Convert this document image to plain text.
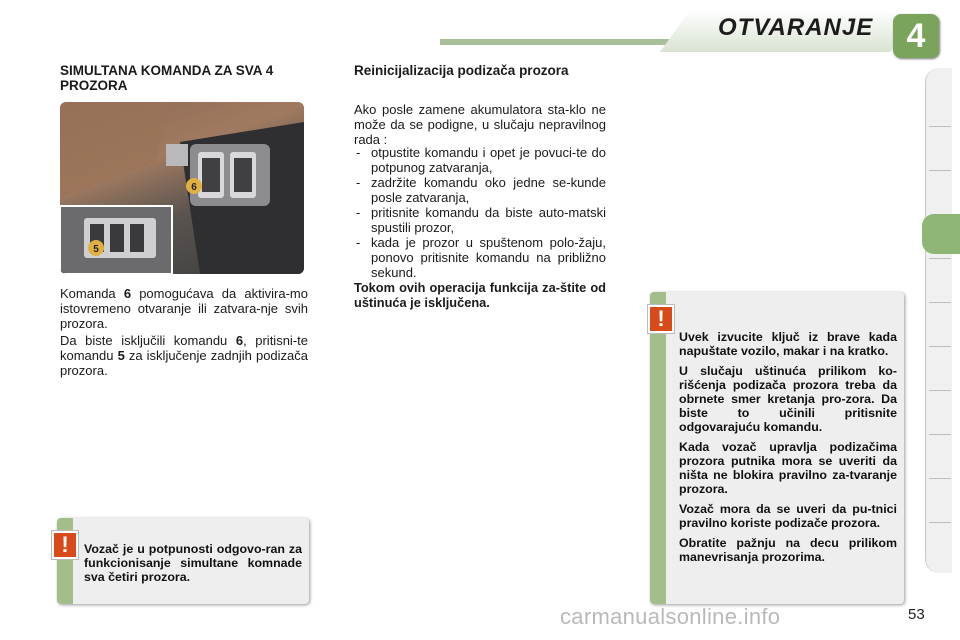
OTVARANJE 4
SIMULTANA KOMANDA ZA SVA 4 PROZORA
6
5
Komanda 6 pomogućava da aktivira-mo istovremeno otvaranje ili zatvara-nje svih prozora.
Da biste isključili komandu 6, pritisni-te komandu 5 za isključenje zadnjih podizača prozora.
Reinicijalizacija podizača prozora
Ako posle zamene akumulatora sta-klo ne može da se podigne, u slučaju nepravilnog rada :
- otpustite komandu i opet je povuci-te do potpunog zatvaranja,
- zadržite komandu oko jedne se-kunde posle zatvaranja,
- pritisnite komandu da biste auto-matski spustili prozor,
- kada je prozor u spuštenom polo-žaju, ponovo pritisnite komandu na približno sekund.
Tokom ovih operacija funkcija za-štite od uštinuća je isključena.
!	Vozač je u potpunosti odgovo-ran za funkcionisanje simultane komnade sva četiri prozora.
!

Uvek izvucite ključ iz brave kada napuštate vozilo, makar i na kratko.

U slučaju uštinuća prilikom ko-rišćenja podizača prozora treba da obrnete smer kretanja pro-zora. Da biste to učinili pritisnite odgovarajuću komandu.

Kada vozač upravlja podizačima prozora putnika mora se uveriti da ništa ne blokira pravilno za-tvaranje prozora.

Vozač mora da se uveri da pu-tnici pravilno koriste podizače prozora.

Obratite pažnju na decu prilikom manevrisanja prozorima.

carmanualsonline.info	53
